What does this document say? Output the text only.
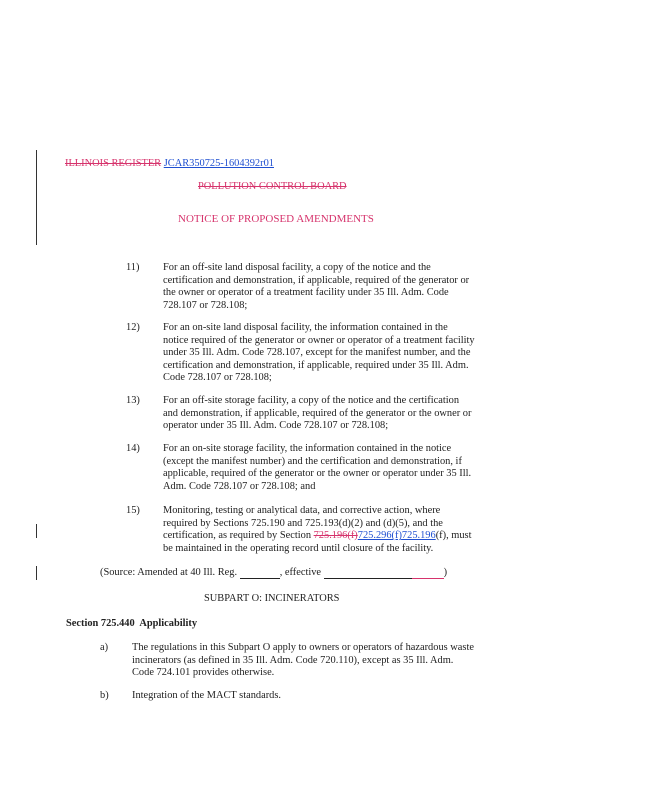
ILLINOIS REGISTER JCAR350725-1604392r01
POLLUTION CONTROL BOARD
NOTICE OF PROPOSED AMENDMENTS
11) For an off-site land disposal facility, a copy of the notice and the
certification and demonstration, if applicable, required of the generator or
the owner or operator of a treatment facility under 35 Ill. Adm. Code
728.107 or 728.108;
12) For an on-site land disposal facility, the information contained in the
notice required of the generator or owner or operator of a treatment facility
under 35 Ill. Adm. Code 728.107, except for the manifest number, and the
certification and demonstration, if applicable, required under 35 Ill. Adm.
Code 728.107 or 728.108;
13) For an off-site storage facility, a copy of the notice and the certification
and demonstration, if applicable, required of the generator or the owner or
operator under 35 Ill. Adm. Code 728.107 or 728.108;
14) For an on-site storage facility, the information contained in the notice
(except the manifest number) and the certification and demonstration, if
applicable, required of the generator or the owner or operator under 35 Ill.
Adm. Code 728.107 or 728.108; and
15) Monitoring, testing or analytical data, and corrective action, where
required by Sections 725.190 and 725.193(d)(2) and (d)(5), and the
certification, as required by Section 725.196(f)725.296(f)725.196(f), must
be maintained in the operating record until closure of the facility.
(Source: Amended at 40 Ill. Reg.	, effective	)
SUBPART O: INCINERATORS
Section 725.440 Applicability
a) The regulations in this Subpart O apply to owners or operators of hazardous waste
incinerators (as defined in 35 Ill. Adm. Code 720.110), except as 35 Ill. Adm.
Code 724.101 provides otherwise.
b) Integration of the MACT standards.
